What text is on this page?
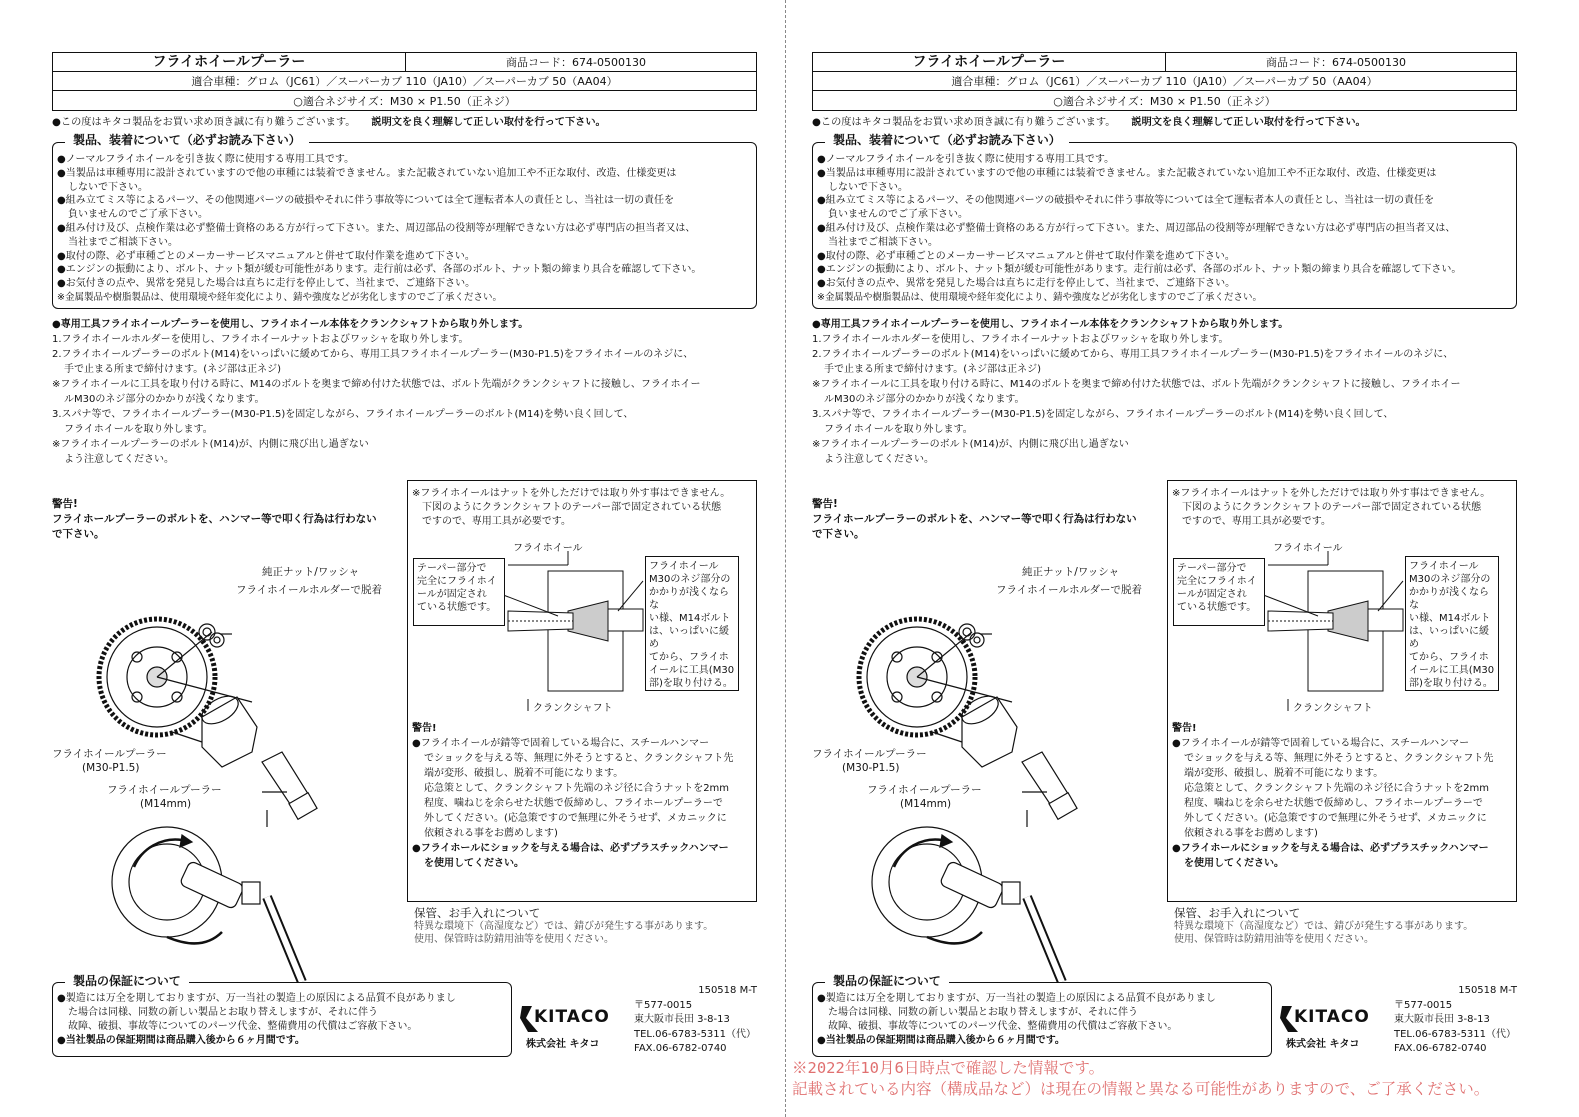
フライホイールプーラー	商品コード：674-0500130
適合車種：グロム（JC61）／スーパーカブ 110（JA10）／スーパーカブ 50（AA04）
○適合ネジサイズ：M30 × P1.50（正ネジ）
●この度はキタコ製品をお買い求め頂き誠に有り難うございます。 説明文を良く理解して正しい取付を行って下さい。
製品、装着について（必ずお読み下さい）

●ノーマルフライホイールを引き抜く際に使用する専用工具です。

●当製品は車種専用に設計されていますので他の車種には装着できません。また記載されていない追加工や不正な取付、改造、仕様変更は

しないで下さい。

●組み立てミス等によるパーツ、その他関連パーツの破損やそれに伴う事故等については全て運転者本人の責任とし、当社は一切の責任を

負いませんのでご了承下さい。

●組み付け及び、点検作業は必ず整備士資格のある方が行って下さい。また、周辺部品の役割等が理解できない方は必ず専門店の担当者又は、

当社までご相談下さい。

●取付の際、必ず車種ごとのメーカーサービスマニュアルと併せて取付作業を進めて下さい。

●エンジンの振動により、ボルト、ナット類が緩む可能性があります。走行前は必ず、各部のボルト、ナット類の締まり具合を確認して下さい。

●お気付きの点や、異常を発見した場合は直ちに走行を停止して、当社まで、ご連絡下さい。

※金属製品や樹脂製品は、使用環境や経年変化により、錆や強度などが劣化しますのでご了承ください。

●専用工具フライホイールプーラーを使用し、フライホイール本体をクランクシャフトから取り外します。

1.フライホイールホルダーを使用し、フライホイールナットおよびワッシャを取り外します。

2.フライホイールプーラーのボルト(M14)をいっぱいに緩めてから、専用工具フライホイールプーラー(M30-P1.5)をフライホイールのネジに、

手で止まる所まで締付けます。(ネジ部は正ネジ)

※フライホイールに工具を取り付ける時に、M14のボルトを奥まで締め付けた状態では、ボルト先端がクランクシャフトに接触し、フライホイー

ルM30のネジ部分のかかりが浅くなります。

3.スパナ等で、フライホイールプーラー(M30-P1.5)を固定しながら、フライホイールプーラーのボルト(M14)を勢い良く回して、

フライホイールを取り外します。

※フライホイールプーラーのボルト(M14)が、内側に飛び出し過ぎない

よう注意してください。

警告!

フライホールプーラーのボルトを、ハンマー等で叩く行為は行わない

で下さい。

純正ナット/ワッシャ
フライホイールホルダーで脱着
フライホイールプーラー
(M30-P1.5)
フライホイールプーラー
(M14mm)

※フライホイールはナットを外しただけでは取り外す事はできません。

下図のようにクランクシャフトのテーパー部で固定されている状態

ですので、専用工具が必要です。

フライホイール
クランクシャフト

テーパー部分で

完全にフライホイ

ールが固定され

ている状態です。

フライホイール

M30のネジ部分の

かかりが浅くならな

い様、M14ボルト

は、いっぱいに緩め

てから、フライホ

イールに工具(M30

部)を取り付ける。

警告!

●フライホイールが錆等で固着している場合に、スチールハンマー

でショックを与える等、無理に外そうとすると、クランクシャフト先

端が変形、破損し、脱着不可能になります。

応急策として、クランクシャフト先端のネジ径に合うナットを2mm

程度、噛ねじを余らせた状態で仮締めし、フライホールプーラーで

外してください。(応急策ですので無理に外そうせず、メカニックに

依頼される事をお薦めします)

●フライホールにショックを与える場合は、必ずプラスチックハンマー

を使用してください。

保管、お手入れについて

特異な環境下（高湿度など）では、錆びが発生する事があります。

使用、保管時は防錆用油等を使用ください。

製品の保証について

●製造には万全を期しておりますが、万一当社の製造上の原因による品質不良がありまし

た場合は同様、同数の新しい製品とお取り替えしますが、それに伴う

故障、破損、事故等についてのパーツ代金、整備費用の代償はご容赦下さい。

●当社製品の保証期間は商品購入後から６ヶ月間です。

KITACO
株式会社 キタコ

150518 M-T

〒577-0015

東大阪市長田 3-8-13

TEL.06-6783-5311（代）

FAX.06-6782-0740

フライホイールプーラー	商品コード：674-0500130
適合車種：グロム（JC61）／スーパーカブ 110（JA10）／スーパーカブ 50（AA04）
○適合ネジサイズ：M30 × P1.50（正ネジ）
●この度はキタコ製品をお買い求め頂き誠に有り難うございます。 説明文を良く理解して正しい取付を行って下さい。
製品、装着について（必ずお読み下さい）

●ノーマルフライホイールを引き抜く際に使用する専用工具です。

●当製品は車種専用に設計されていますので他の車種には装着できません。また記載されていない追加工や不正な取付、改造、仕様変更は

しないで下さい。

●組み立てミス等によるパーツ、その他関連パーツの破損やそれに伴う事故等については全て運転者本人の責任とし、当社は一切の責任を

負いませんのでご了承下さい。

●組み付け及び、点検作業は必ず整備士資格のある方が行って下さい。また、周辺部品の役割等が理解できない方は必ず専門店の担当者又は、

当社までご相談下さい。

●取付の際、必ず車種ごとのメーカーサービスマニュアルと併せて取付作業を進めて下さい。

●エンジンの振動により、ボルト、ナット類が緩む可能性があります。走行前は必ず、各部のボルト、ナット類の締まり具合を確認して下さい。

●お気付きの点や、異常を発見した場合は直ちに走行を停止して、当社まで、ご連絡下さい。

※金属製品や樹脂製品は、使用環境や経年変化により、錆や強度などが劣化しますのでご了承ください。

●専用工具フライホイールプーラーを使用し、フライホイール本体をクランクシャフトから取り外します。

1.フライホイールホルダーを使用し、フライホイールナットおよびワッシャを取り外します。

2.フライホイールプーラーのボルト(M14)をいっぱいに緩めてから、専用工具フライホイールプーラー(M30-P1.5)をフライホイールのネジに、

手で止まる所まで締付けます。(ネジ部は正ネジ)

※フライホイールに工具を取り付ける時に、M14のボルトを奥まで締め付けた状態では、ボルト先端がクランクシャフトに接触し、フライホイー

ルM30のネジ部分のかかりが浅くなります。

3.スパナ等で、フライホイールプーラー(M30-P1.5)を固定しながら、フライホイールプーラーのボルト(M14)を勢い良く回して、

フライホイールを取り外します。

※フライホイールプーラーのボルト(M14)が、内側に飛び出し過ぎない

よう注意してください。

警告!

フライホールプーラーのボルトを、ハンマー等で叩く行為は行わない

で下さい。

純正ナット/ワッシャ
フライホイールホルダーで脱着
フライホイールプーラー
(M30-P1.5)
フライホイールプーラー
(M14mm)

※フライホイールはナットを外しただけでは取り外す事はできません。

下図のようにクランクシャフトのテーパー部で固定されている状態

ですので、専用工具が必要です。

フライホイール
クランクシャフト

テーパー部分で

完全にフライホイ

ールが固定され

ている状態です。

フライホイール

M30のネジ部分の

かかりが浅くならな

い様、M14ボルト

は、いっぱいに緩め

てから、フライホ

イールに工具(M30

部)を取り付ける。

警告!

●フライホイールが錆等で固着している場合に、スチールハンマー

でショックを与える等、無理に外そうとすると、クランクシャフト先

端が変形、破損し、脱着不可能になります。

応急策として、クランクシャフト先端のネジ径に合うナットを2mm

程度、噛ねじを余らせた状態で仮締めし、フライホールプーラーで

外してください。(応急策ですので無理に外そうせず、メカニックに

依頼される事をお薦めします)

●フライホールにショックを与える場合は、必ずプラスチックハンマー

を使用してください。

保管、お手入れについて

特異な環境下（高湿度など）では、錆びが発生する事があります。

使用、保管時は防錆用油等を使用ください。

製品の保証について

●製造には万全を期しておりますが、万一当社の製造上の原因による品質不良がありまし

た場合は同様、同数の新しい製品とお取り替えしますが、それに伴う

故障、破損、事故等についてのパーツ代金、整備費用の代償はご容赦下さい。

●当社製品の保証期間は商品購入後から６ヶ月間です。

KITACO
株式会社 キタコ

150518 M-T

〒577-0015

東大阪市長田 3-8-13

TEL.06-6783-5311（代）

FAX.06-6782-0740

※2022年10月6日時点で確認した情報です。

記載されている内容（構成品など）は現在の情報と異なる可能性がありますので、ご了承ください。
